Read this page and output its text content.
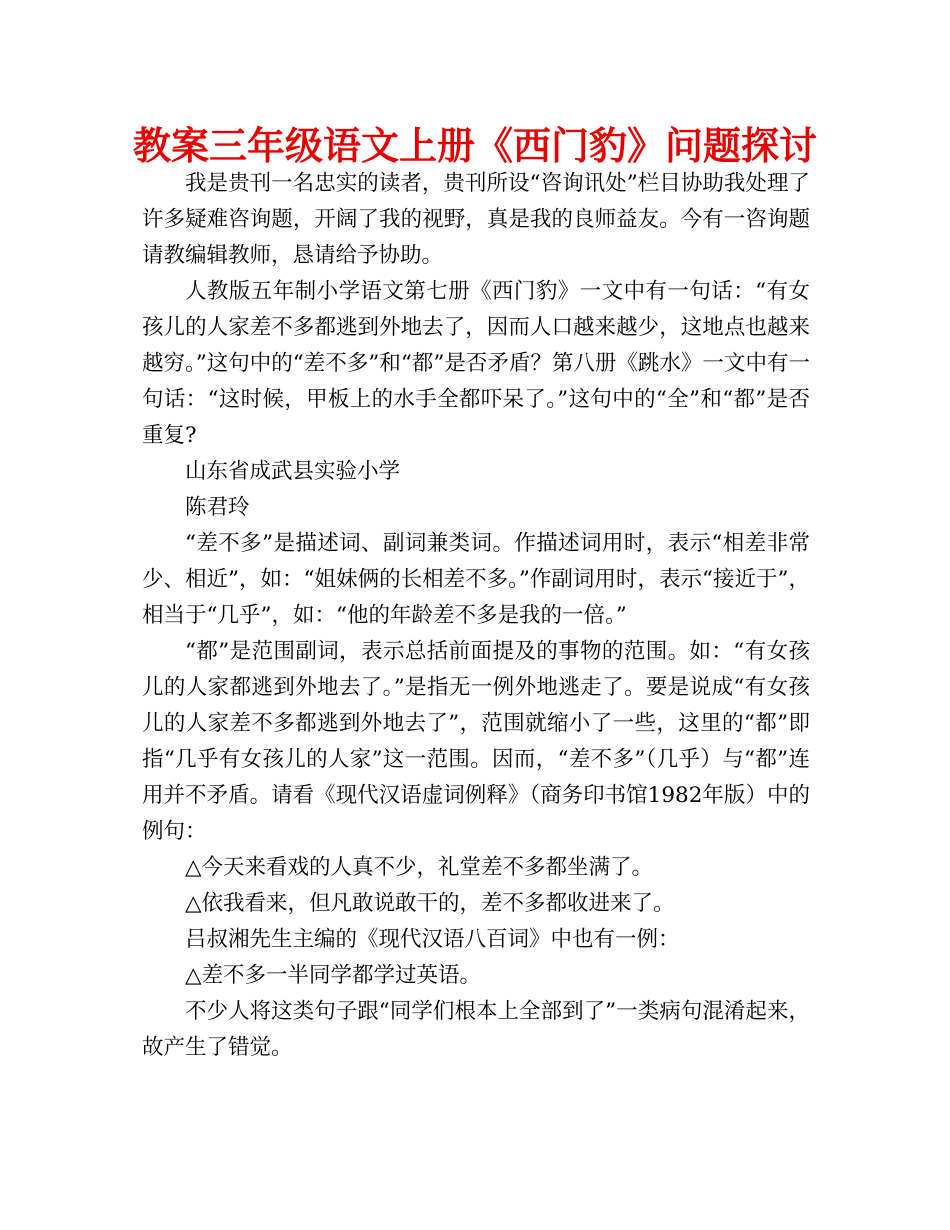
教案三年级语文上册《西门豹》问题探讨

我是贵刊一名忠实的读者，贵刊所设“咨询讯处”栏目协助我处理了许多疑难咨询题，开阔了我的视野，真是我的良师益友。今有一咨询题请教编辑教师，恳请给予协助。

人教版五年制小学语文第七册《西门豹》一文中有一句话：“有女孩儿的人家差不多都逃到外地去了，因而人口越来越少，这地点也越来越穷。”这句中的“差不多”和“都”是否矛盾？第八册《跳水》一文中有一句话：“这时候，甲板上的水手全都吓呆了。”这句中的“全”和“都”是否重复?

山东省成武县实验小学

陈君玲

“差不多”是描述词、副词兼类词。作描述词用时，表示“相差非常少、相近”，如：“姐妹俩的长相差不多。”作副词用时，表示“接近于”，相当于“几乎”，如：“他的年龄差不多是我的一倍。”

“都”是范围副词，表示总括前面提及的事物的范围。如：“有女孩儿的人家都逃到外地去了。”是指无一例外地逃走了。要是说成“有女孩儿的人家差不多都逃到外地去了”，范围就缩小了一些，这里的“都”即指“几乎有女孩儿的人家”这一范围。因而，“差不多”（几乎）与“都”连用并不矛盾。请看《现代汉语虚词例释》（商务印书馆1982年版）中的例句：

△今天来看戏的人真不少，礼堂差不多都坐满了。

△依我看来，但凡敢说敢干的，差不多都收进来了。

吕叔湘先生主编的《现代汉语八百词》中也有一例：

△差不多一半同学都学过英语。

不少人将这类句子跟“同学们根本上全部到了”一类病句混淆起来，故产生了错觉。
